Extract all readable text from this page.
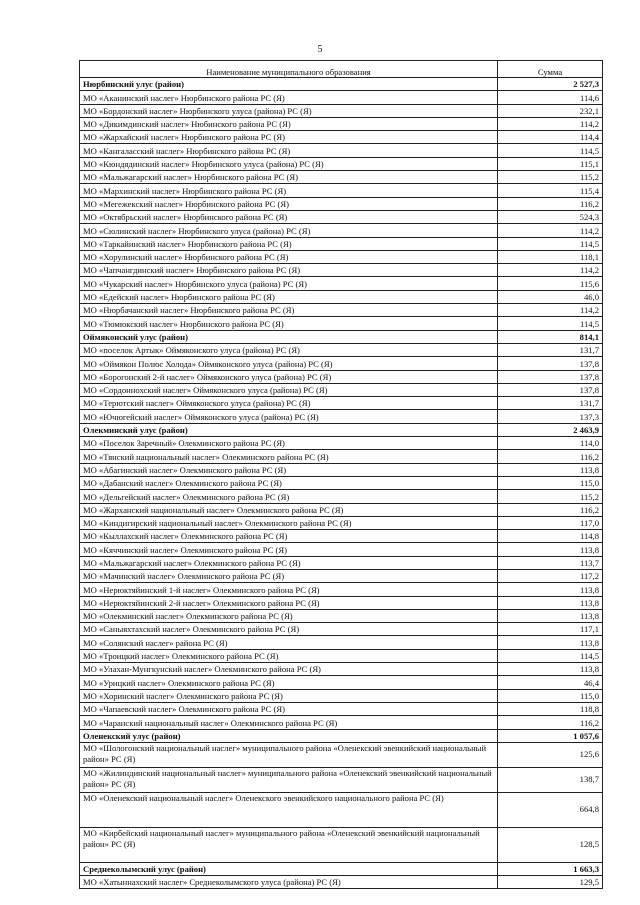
5
Наименование муниципального образования	Сумма
Нюрбинский улус (район)	2 527,3
МО «Аканинский наслег» Нюрбинского района РС (Я)	114,6
МО «Бордонский наслег» Нюрбинского улуса (района) РС (Я)	232,1
МО «Дикимдинский наслег» Нюбинского района РС (Я)	114,2
МО «Жархайский наслег» Нюрбинского района РС (Я)	114,4
МО «Кангаласский наслег» Нюрбинского района РС (Я)	114,5
МО «Кюндядинский наслег» Нюрбинского улуса (района) РС (Я)	115,1
МО «Мальжагарский наслег» Нюрбинского района РС (Я)	115,2
МО «Мархинский наслег» Нюрбинского района РС (Я)	115,4
МО «Мегежекский наслег» Нюрбинского района РС (Я)	116,2
МО «Октябрьский наслег» Нюрбинского района РС (Я)	524,3
МО «Сюлинский наслег» Нюрбинского улуса (района) РС (Я)	114,2
МО «Таркайинский наслег» Нюрбинского района РС (Я)	114,5
МО «Хорулинский наслег» Нюрбинского района РС (Я)	118,1
МО «Чапчангдинский наслег» Нюрбинского района РС (Я)	114,2
МО «Чукарский наслег» Нюрбинского улуса (района) РС (Я)	115,6
МО «Едейский наслег» Нюрбинского района РС (Я)	46,0
МО «Нюрбачанский наслег» Нюрбинского района РС (Я)	114,2
МО «Тюмюкский наслег» Нюрбинского района РС (Я)	114,5
Оймяконский улус (район)	814,1
МО «поселок Артык» Оймяконского улуса (района) РС (Я)	131,7
МО «Оймякон Полюс Холода» Оймяконского улуса (района) РС (Я)	137,8
МО «Борогонский 2-й наслег» Оймяконского улуса (района) РС (Я)	137,8
МО «Сордоннохский наслег» Оймяконского улуса (района) РС (Я)	137,8
МО «Терютский наслег» Оймяконского улуса (района) РС (Я)	131,7
МО «Ючюгейский наслег» Оймяконского улуса (района) РС (Я)	137,3
Олекминский улус (район)	2 463,9
МО «Поселок Заречный» Олекминского района РС (Я)	114,0
МО «Тянский национальный наслег» Олекминского района РС (Я)	116,2
МО «Абагинский наслег» Олекминского района РС (Я)	113,8
МО «Дабанский наслег» Олекминского района РС (Я)	115,0
МО «Дельгейский наслег» Олекминского района РС (Я)	115,2
МО «Жарханский национальный наслег» Олекминского района РС (Я)	116,2
МО «Киндигирский национальный наслег» Олекминского района РС (Я)	117,0
МО «Кыллахский наслег» Олекминского района РС (Я)	114,8
МО «Кяччинский наслег» Олекминского района РС (Я)	113,8
МО «Мальжагарский наслег» Олекминского района РС (Я)	113,7
МО «Мачинский наслег» Олекминского района РС (Я)	117,2
МО «Нерюктяйинский 1-й наслег» Олекминского района РС (Я)	113,8
МО «Нерюктяйинский 2-й наслег» Олекминского района РС (Я)	113,8
МО «Олекминский наслег» Олекминского района РС (Я)	113,8
МО «Саныяхтахский наслег» Олекминского района РС (Я)	117,1
МО «Солянский наслег» района РС (Я)	113,8
МО «Троицкий наслег» Олекминского района РС (Я)	114,5
МО «Улахан-Мунгкунский наслег» Олекминского района РС (Я)	113,8
МО «Урицкий наслег» Олекминского района РС (Я)	46,4
МО «Хоринский наслег» Олекминского района РС (Я)	115,0
МО «Чапаевский наслег» Олекминского района РС (Я)	118,8
МО «Чаранский национальный наслег» Олекминского района РС (Я)	116,2
Оленекский улус (район)	1 057,6
МО «Шологонский национальный наслег» муниципального района «Оленекский эвенкийский национальный район» РС (Я)	125,6
МО «Жилиндинский национальный наслег» муниципального района «Оленекский эвенкийский национальный район» РС (Я)	138,7
МО «Оленекский национальный наслег» Оленекского эвенкийского национального района РС (Я)	664,8
МО «Кирбейский национальный наслег» муниципального района «Оленекский эвенкийский национальный район» РС (Я)	128,5
Среднеколымский улус (район)	1 663,3
МО «Хатыннахский наслег» Среднеколымского улуса (района) РС (Я)	129,5
